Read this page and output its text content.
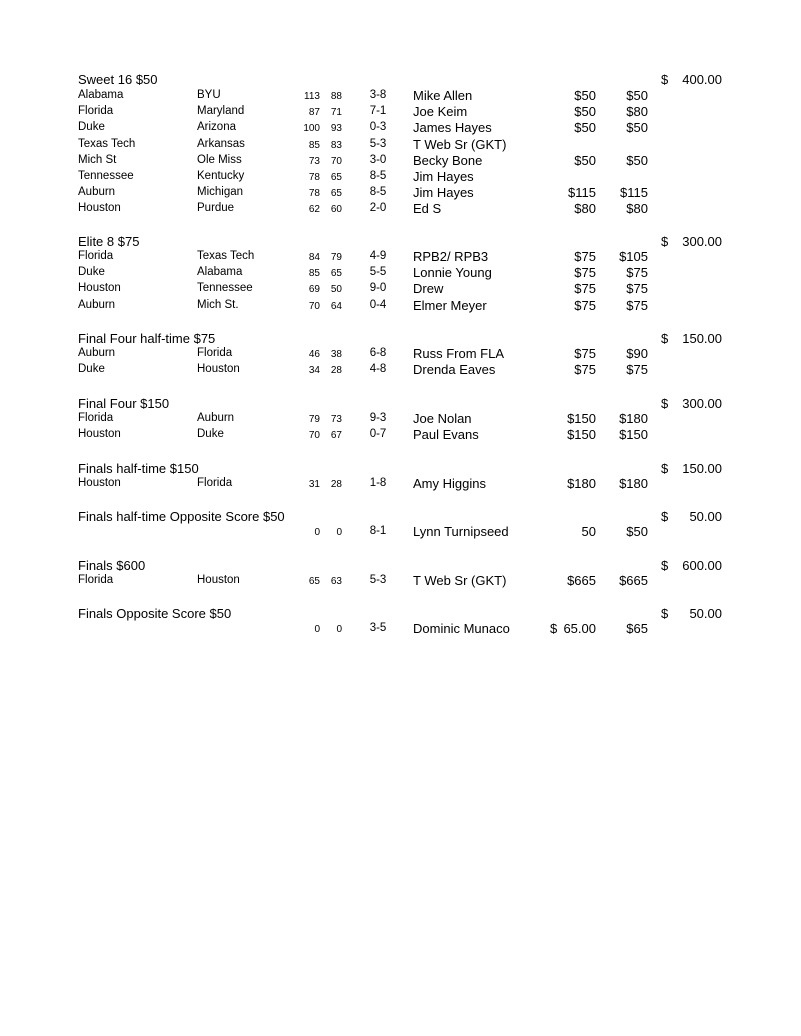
Sweet 16 $50	$	400.00
Alabama	BYU	113	88	3-8	Mike Allen	$50	$50
Florida	Maryland	87	71	7-1	Joe Keim	$50	$80
Duke	Arizona	100	93	0-3	James Hayes	$50	$50
Texas Tech	Arkansas	85	83	5-3	T Web Sr (GKT)
Mich St	Ole Miss	73	70	3-0	Becky Bone	$50	$50
Tennessee	Kentucky	78	65	8-5	Jim Hayes
Auburn	Michigan	78	65	8-5	Jim Hayes	$115	$115
Houston	Purdue	62	60	2-0	Ed S	$80	$80
Elite 8 $75	$	300.00
Florida	Texas Tech	84	79	4-9	RPB2/ RPB3	$75	$105
Duke	Alabama	85	65	5-5	Lonnie Young	$75	$75
Houston	Tennessee	69	50	9-0	Drew	$75	$75
Auburn	Mich St.	70	64	0-4	Elmer Meyer	$75	$75
Final Four half-time $75	$	150.00
Auburn	Florida	46	38	6-8	Russ From FLA	$75	$90
Duke	Houston	34	28	4-8	Drenda Eaves	$75	$75
Final Four $150	$	300.00
Florida	Auburn	79	73	9-3	Joe Nolan	$150	$180
Houston	Duke	70	67	0-7	Paul Evans	$150	$150
Finals half-time $150	$	150.00
Houston	Florida	31	28	1-8	Amy Higgins	$180	$180
Finals half-time Opposite Score $50	$	50.00
0	0	8-1	Lynn Turnipseed	50	$50
Finals $600	$	600.00
Florida	Houston	65	63	5-3	T Web Sr (GKT)	$665	$665
Finals Opposite Score $50	$	50.00
0	0	3-5	Dominic Munaco	$ 65.00	$65
